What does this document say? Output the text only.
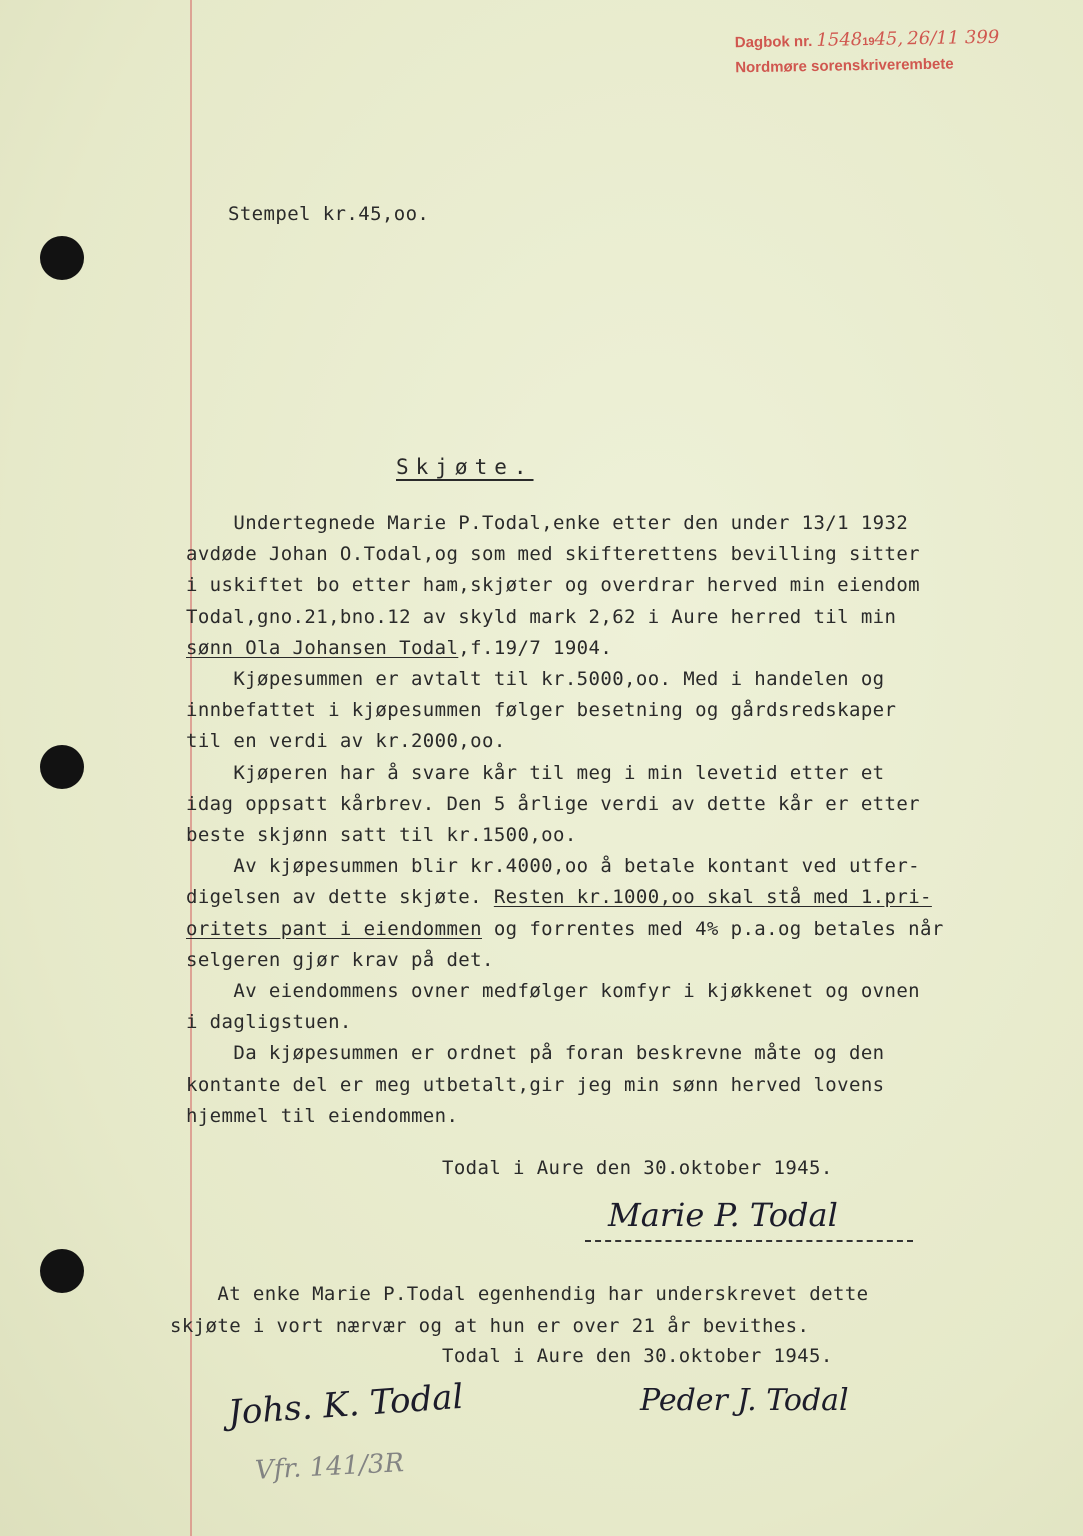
Dagbok nr. 15481945, 26/11 399
Nordmøre sorenskriverembete
Stempel kr.45,oo.
Skjøte.
Undertegnede Marie P.Todal,enke etter den under 13/1 1932
avdøde Johan O.Todal,og som med skifterettens bevilling sitter
i uskiftet bo etter ham,skjøter og overdrar herved min eiendom
Todal,gno.21,bno.12 av skyld mark 2,62 i Aure herred til min
sønn Ola Johansen Todal,f.19/7 1904.
Kjøpesummen er avtalt til kr.5000,oo. Med i handelen og
innbefattet i kjøpesummen følger besetning og gårdsredskaper
til en verdi av kr.2000,oo.
Kjøperen har å svare kår til meg i min levetid etter et
idag oppsatt kårbrev. Den 5 årlige verdi av dette kår er etter
beste skjønn satt til kr.1500,oo.
Av kjøpesummen blir kr.4000,oo å betale kontant ved utfer-
digelsen av dette skjøte. Resten kr.1000,oo skal stå med 1.pri-
oritets pant i eiendommen og forrentes med 4% p.a.og betales når
selgeren gjør krav på det.
Av eiendommens ovner medfølger komfyr i kjøkkenet og ovnen
i dagligstuen.
Da kjøpesummen er ordnet på foran beskrevne måte og den
kontante del er meg utbetalt,gir jeg min sønn herved lovens
hjemmel til eiendommen.
Todal i Aure den 30.oktober 1945.
Marie P. Todal
At enke Marie P.Todal egenhendig har underskrevet dette
skjøte i vort nærvær og at hun er over 21 år bevithes.
Todal i Aure den 30.oktober 1945.
Johs. K. Todal	Peder J. Todal
Vfr. 141/3R
